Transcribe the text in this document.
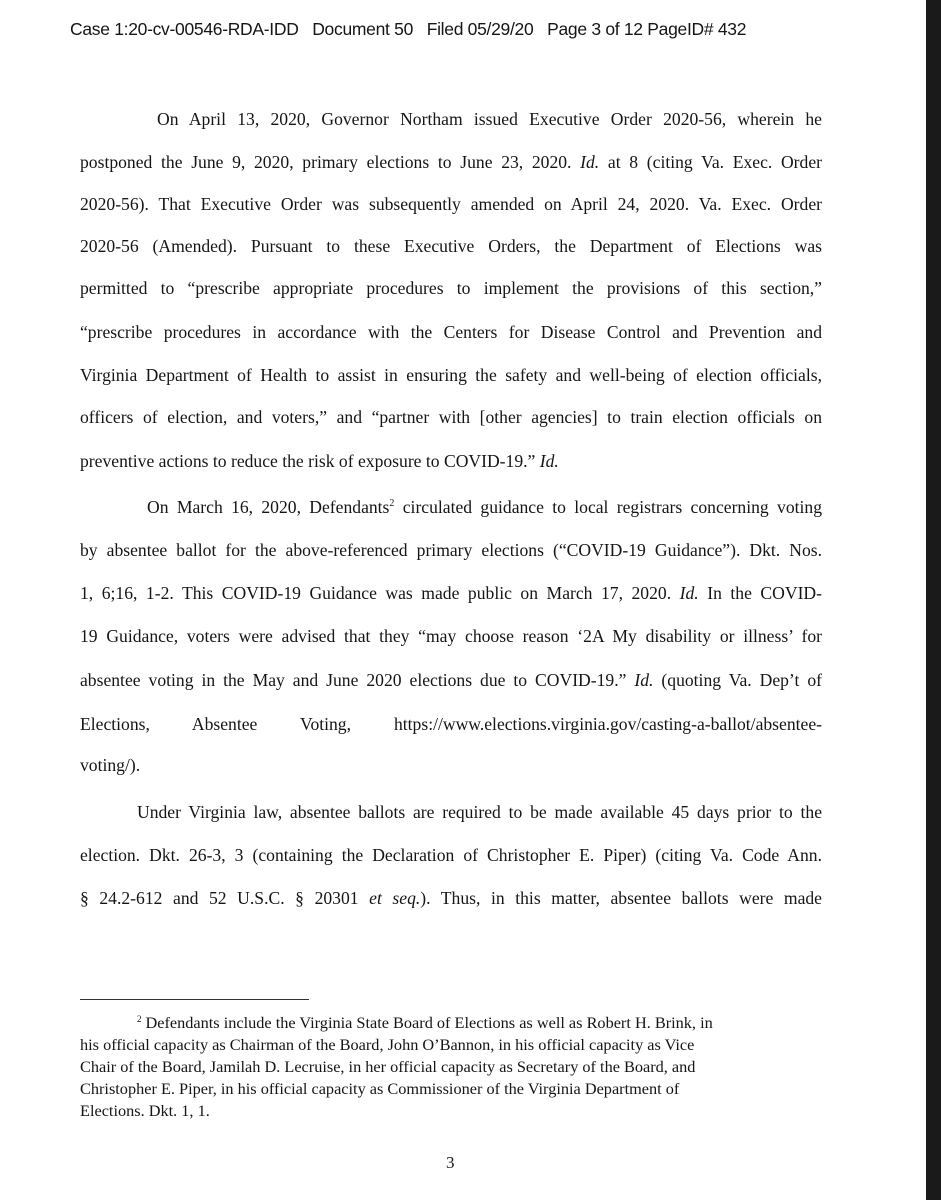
Case 1:20-cv-00546-RDA-IDD   Document 50   Filed 05/29/20   Page 3 of 12 PageID# 432
On April 13, 2020, Governor Northam issued Executive Order 2020-56, wherein he
postponed the June 9, 2020, primary elections to June 23, 2020. Id. at 8 (citing Va. Exec. Order
2020-56). That Executive Order was subsequently amended on April 24, 2020. Va. Exec. Order
2020-56 (Amended). Pursuant to these Executive Orders, the Department of Elections was
permitted to “prescribe appropriate procedures to implement the provisions of this section,”
“prescribe procedures in accordance with the Centers for Disease Control and Prevention and
Virginia Department of Health to assist in ensuring the safety and well-being of election officials,
officers of election, and voters,” and “partner with [other agencies] to train election officials on
preventive actions to reduce the risk of exposure to COVID-19.” Id.
On March 16, 2020, Defendants$^2$ circulated guidance to local registrars concerning voting
by absentee ballot for the above-referenced primary elections (“COVID-19 Guidance”). Dkt. Nos.
1, 6;16, 1-2. This COVID-19 Guidance was made public on March 17, 2020. Id. In the COVID-
19 Guidance, voters were advised that they “may choose reason ‘2A My disability or illness’ for
absentee voting in the May and June 2020 elections due to COVID-19.” Id. (quoting Va. Dep’t of
Elections, Absentee Voting, https://www.elections.virginia.gov/casting-a-ballot/absentee-
voting/).
Under Virginia law, absentee ballots are required to be made available 45 days prior to the
election. Dkt. 26-3, 3 (containing the Declaration of Christopher E. Piper) (citing Va. Code Ann.
§ 24.2-612 and 52 U.S.C. § 20301 et seq.). Thus, in this matter, absentee ballots were made
$^2$ Defendants include the Virginia State Board of Elections as well as Robert H. Brink, in
his official capacity as Chairman of the Board, John O’Bannon, in his official capacity as Vice
Chair of the Board, Jamilah D. Lecruise, in her official capacity as Secretary of the Board, and
Christopher E. Piper, in his official capacity as Commissioner of the Virginia Department of
Elections. Dkt. 1, 1.
3
